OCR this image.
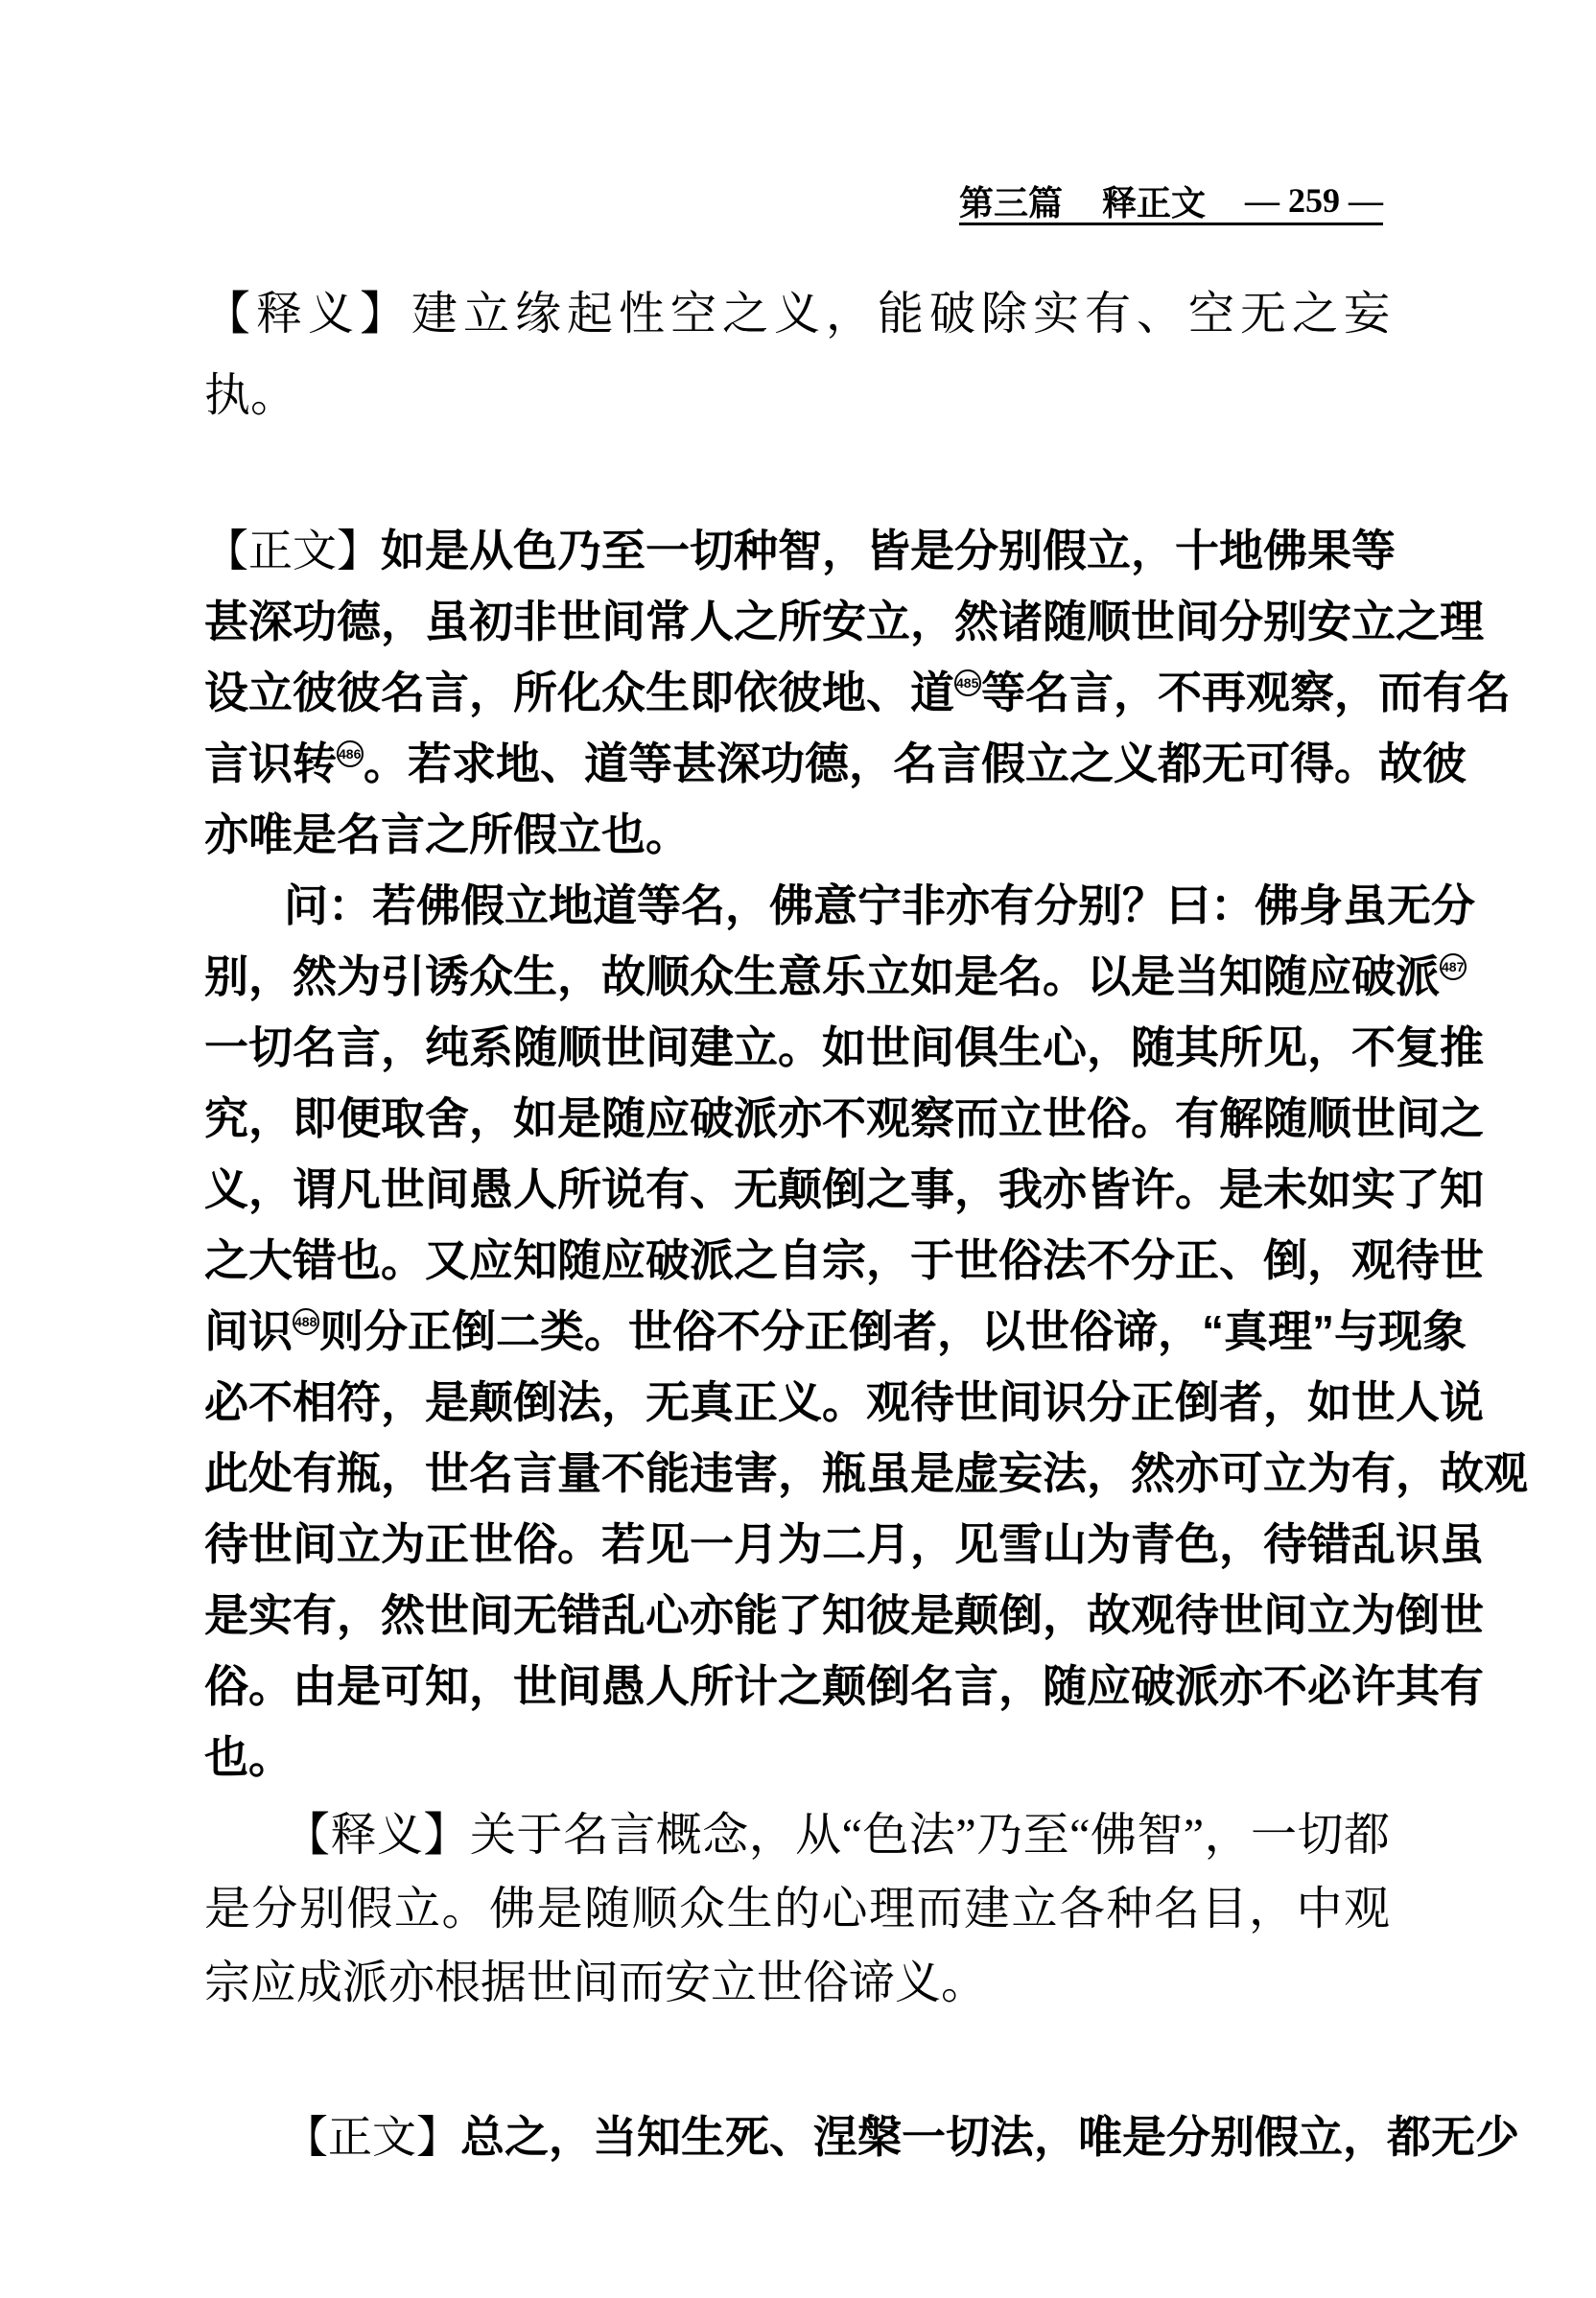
第三篇 释正文 — 259 —
【释义】建立缘起性空之义，能破除实有、空无之妄
执。
【正文】如是从色乃至一切种智，皆是分别假立，十地佛果等
甚深功德，虽初非世间常人之所安立，然诸随顺世间分别安立之理
设立彼彼名言，所化众生即依彼地、道 485等名言，不再观察，而有名
言识转 486。若求地、道等甚深功德，名言假立之义都无可得。故彼
亦唯是名言之所假立也。
问：若佛假立地道等名，佛意宁非亦有分别？曰：佛身虽无分
别，然为引诱众生，故顺众生意乐立如是名。以是当知随应破派 487
一切名言，纯系随顺世间建立。如世间俱生心，随其所见，不复推
究，即便取舍，如是随应破派亦不观察而立世俗。有解随顺世间之
义，谓凡世间愚人所说有、无颠倒之事，我亦皆许。是未如实了知
之大错也。又应知随应破派之自宗，于世俗法不分正、倒，观待世
间识 488则分正倒二类。世俗不分正倒者，以世俗谛，“真理”与现象
必不相符，是颠倒法，无真正义。观待世间识分正倒者，如世人说
此处有瓶，世名言量不能违害，瓶虽是虚妄法，然亦可立为有，故观
待世间立为正世俗。若见一月为二月，见雪山为青色，待错乱识虽
是实有，然世间无错乱心亦能了知彼是颠倒，故观待世间立为倒世
俗。由是可知，世间愚人所计之颠倒名言，随应破派亦不必许其有
也。
【释义】关于名言概念，从“色法”乃至“佛智”，一切都
是分别假立。佛是随顺众生的心理而建立各种名目，中观
宗应成派亦根据世间而安立世俗谛义。
【正文】总之，当知生死、涅槃一切法，唯是分别假立，都无少
